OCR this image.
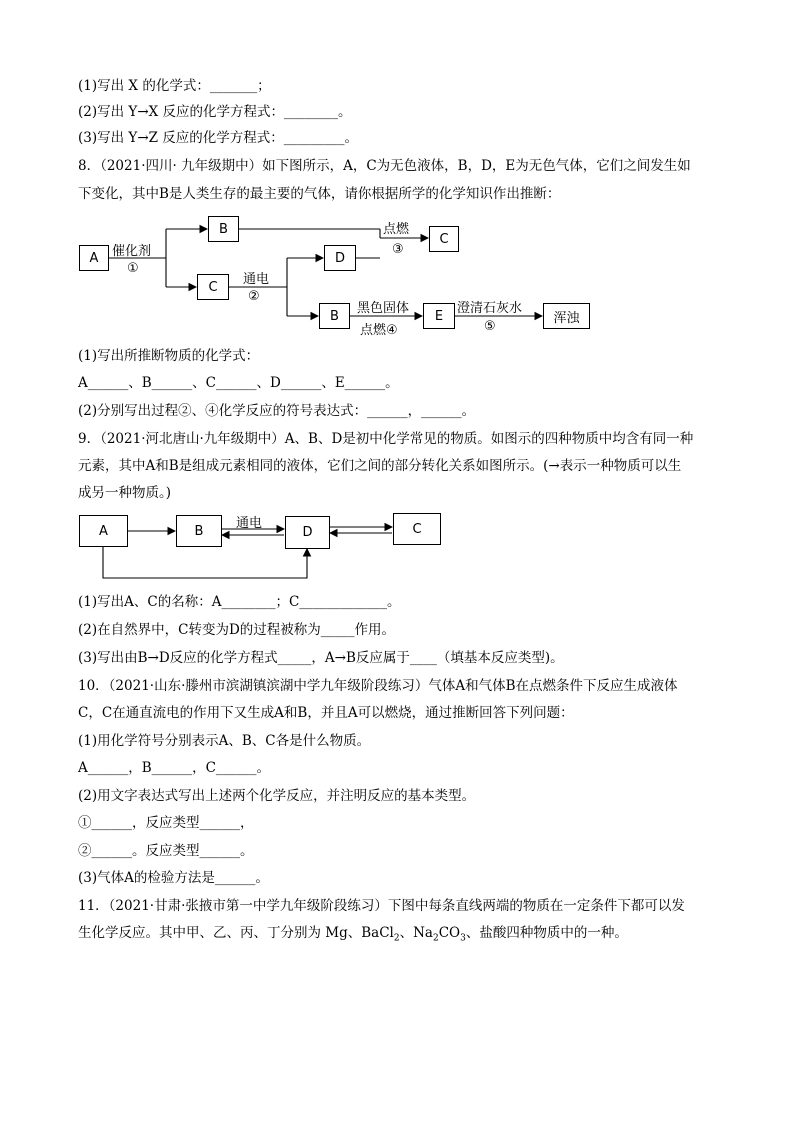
(1)写出 X 的化学式：_______；
(2)写出 Y→X 反应的化学方程式：________。
(3)写出 Y→Z 反应的化学方程式：_________。
8．（2021·四川· 九年级期中）如下图所示，A，C为无色液体，B，D，E为无色气体，它们之间发生如
下变化，其中B是人类生存的最主要的气体，请你根据所学的化学知识作出推断：
A
B
C
D
C
B	E	浑浊
催化剂
①
通电
②
点燃
③
黑色固体
点燃④
澄清石灰水
⑤
(1)写出所推断物质的化学式：
A______、B______、C______、D______、E______。
(2)分别写出过程②、④化学反应的符号表达式：______，______。
9．（2021·河北唐山·九年级期中）A、B、D是初中化学常见的物质。如图示的四种物质中均含有同一种
元素，其中A和B是组成元素相同的液体，它们之间的部分转化关系如图所示。(→表示一种物质可以生
成另一种物质。)
A	B	D	C
通电
(1)写出A、C的名称：A________；C_____________。
(2)在自然界中，C转变为D的过程被称为_____作用。
(3)写出由B→D反应的化学方程式_____，A→B反应属于____（填基本反应类型)。
10．（2021·山东·滕州市滨湖镇滨湖中学九年级阶段练习）气体A和气体B在点燃条件下反应生成液体
C，C在通直流电的作用下又生成A和B，并且A可以燃烧，通过推断回答下列问题：
(1)用化学符号分别表示A、B、C各是什么物质。
A______，B______，C______。
(2)用文字表达式写出上述两个化学反应，并注明反应的基本类型。
①______，反应类型______，
②______。反应类型______。
(3)气体A的检验方法是______。
11．（2021·甘肃·张掖市第一中学九年级阶段练习）下图中每条直线两端的物质在一定条件下都可以发
生化学反应。其中甲、乙、丙、丁分别为 Mg、BaCl$_2$、$Na_2CO_3$、盐酸四种物质中的一种。
